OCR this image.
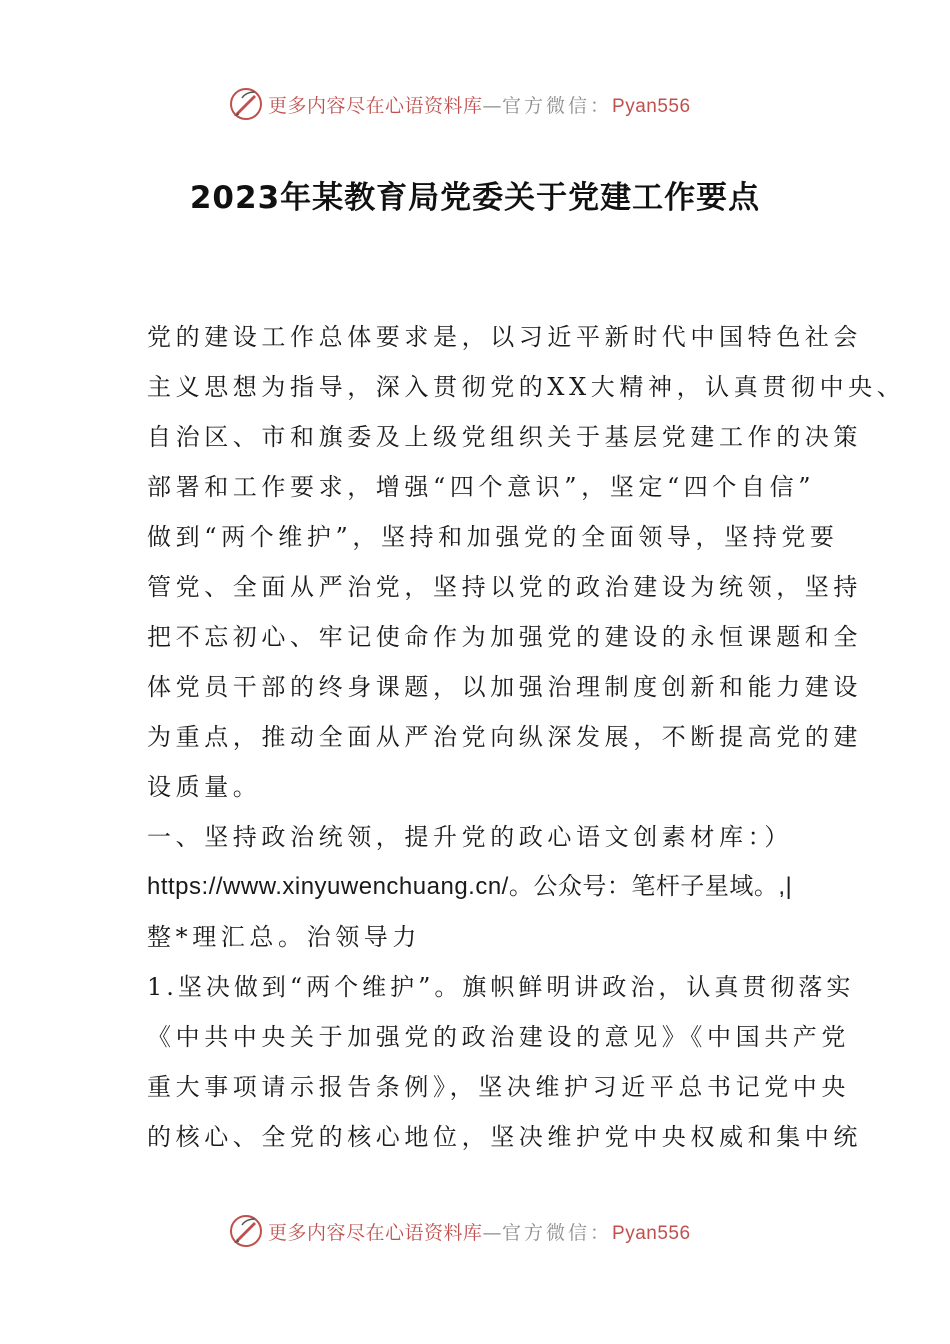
更多内容尽在心语资料库—官方微信：Pyan556
2023年某教育局党委关于党建工作要点
党的建设工作总体要求是，以习近平新时代中国特色社会
主义思想为指导，深入贯彻党的XX大精神，认真贯彻中央、
自治区、市和旗委及上级党组织关于基层党建工作的决策
部署和工作要求，增强“四个意识”，坚定“四个自信”
做到“两个维护”，坚持和加强党的全面领导，坚持党要
管党、全面从严治党，坚持以党的政治建设为统领，坚持
把不忘初心、牢记使命作为加强党的建设的永恒课题和全
体党员干部的终身课题，以加强治理制度创新和能力建设
为重点，推动全面从严治党向纵深发展，不断提高党的建
设质量。
一、坚持政治统领，提升党的政心语文创素材库：）
https://www.xinyuwenchuang.cn/。公众号：笔杆子星域。,|
整*理汇总。治领导力
1.坚决做到“两个维护”。旗帜鲜明讲政治，认真贯彻落实
《中共中央关于加强党的政治建设的意见》《中国共产党
重大事项请示报告条例》，坚决维护习近平总书记党中央
的核心、全党的核心地位，坚决维护党中央权威和集中统
更多内容尽在心语资料库—官方微信：Pyan556
